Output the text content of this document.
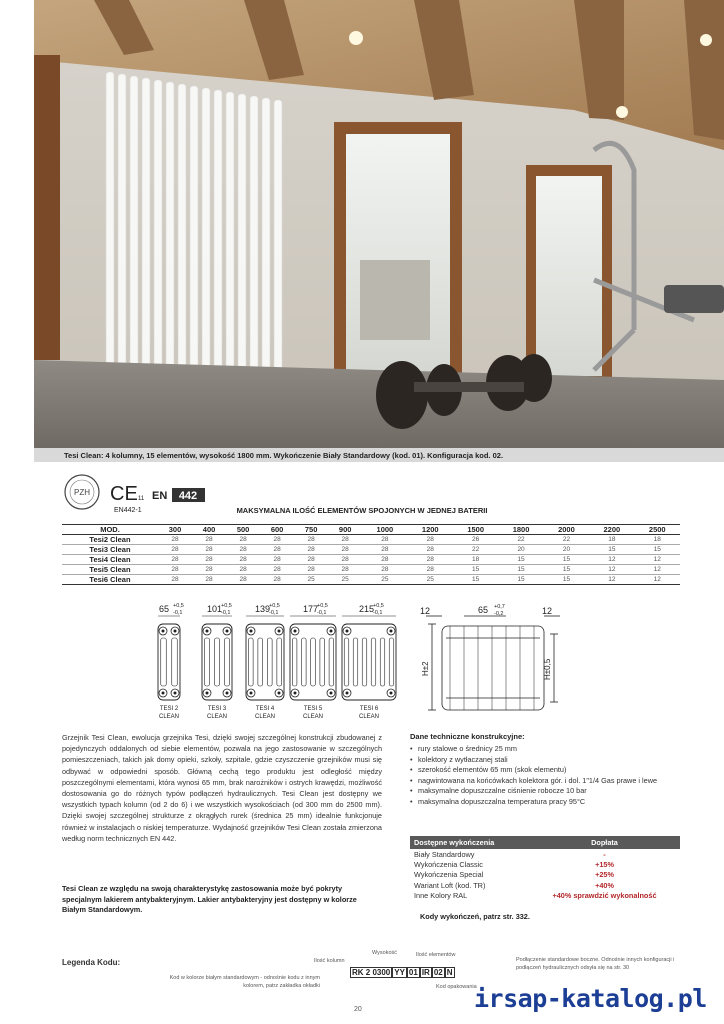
Tesi Clean: 4 kolumny, 15 elementów, wysokość 1800 mm. Wykończenie Biały Standardowy (kod. 01). Konfiguracja kod. 02.
PZH CE 11 EN 442
EN442-1	MAKSYMALNA ILOŚĆ ELEMENTÓW SPOJONYCH W JEDNEJ BATERII
MOD.	300	400	500	600	750	900	1000	1200	1500	1800	2000	2200	2500
Tesi2 Clean	28	28	28	28	28	28	28	28	26	22	22	18	18
Tesi3 Clean	28	28	28	28	28	28	28	28	22	20	20	15	15
Tesi4 Clean	28	28	28	28	28	28	28	28	18	15	15	12	12
Tesi5 Clean	28	28	28	28	28	28	28	28	15	15	15	12	12
Tesi6 Clean	28	28	28	28	25	25	25	25	15	15	15	12	12
65 +0,5
-0,1
TESI 2
CLEAN
101
+0,5
-0,1
TESI 3
CLEAN
139
+0,5
-0,1
TESI 4
CLEAN
177
+0,5
-0,1
TESI 5
CLEAN
215
+0,5
-0,1
TESI 6
CLEAN
12	65 +0,7
-0,2	12
H±2	H±0,5
Grzejnik Tesi Clean, ewolucja grzejnika Tesi, dzięki swojej szczególnej konstrukcji zbudowanej z pojedynczych oddalonych od siebie elementów, pozwala na jego zastosowanie w szczególnych pomieszczeniach, takich jak domy opieki, szkoły, szpitale, gdzie czyszczenie grzejników musi się odbywać w odpowiedni sposób. Główną cechą tego produktu jest odległość między poszczególnymi elementami, która wynosi 65 mm, brak narożników i ostrych krawędzi, możliwość dostosowania go do różnych typów podłączeń hydraulicznych. Tesi Clean jest dostępny we wszystkich typach kolumn (od 2 do 6) i we wszystkich wysokościach (od 300 mm do 2500 mm). Dzięki swojej szczególnej strukturze z okrągłych rurek (średnica 25 mm) idealnie funkcjonuje również w instalacjach o niskiej temperaturze. Wydajność grzejników Tesi Clean została zmierzona według norm technicznych EN 442.
Tesi Clean ze względu na swoją charakterystykę zastosowania może być pokryty specjalnym lakierem antybakteryjnym. Lakier antybakteryjny jest dostępny w kolorze Białym Standardowym.
Dane techniczne konstrukcyjne:
• rury stalowe o średnicy 25 mm
• kolektory z wytłaczanej stali
• szerokość elementów 65 mm (skok elementu)
• nagwintowana na końcówkach kolektora gór. i dol. 1"1/4 Gas prawe i lewe
• maksymalne dopuszczalne ciśnienie robocze 10 bar
• maksymalna dopuszczalna temperatura pracy 95°C
Dostępne wykończenia	Dopłata
Biały Standardowy	-
Wykończenia Classic	+15%
Wykończenia Special	+25%
Wariant Loft (kod. TR)	+40%
Inne Kolory RAL	+40% sprawdzić wykonalność
Kody wykończeń, patrz str. 332.
Legenda Kodu:	Ilość kolumn
Wysokość	Ilość elementów
RK 2 0300 YY 01 IR 02 N
Kod w kolorze białym standardowym - odnośnie kodu z innym kolorem, patrz zakładka okładki	Kod opakowania
Podłączenie standardowe boczne. Odnośnie innych konfiguracji i podłączeń hydraulicznych odsyła się na str. 30
20	irsap-katalog.pl
